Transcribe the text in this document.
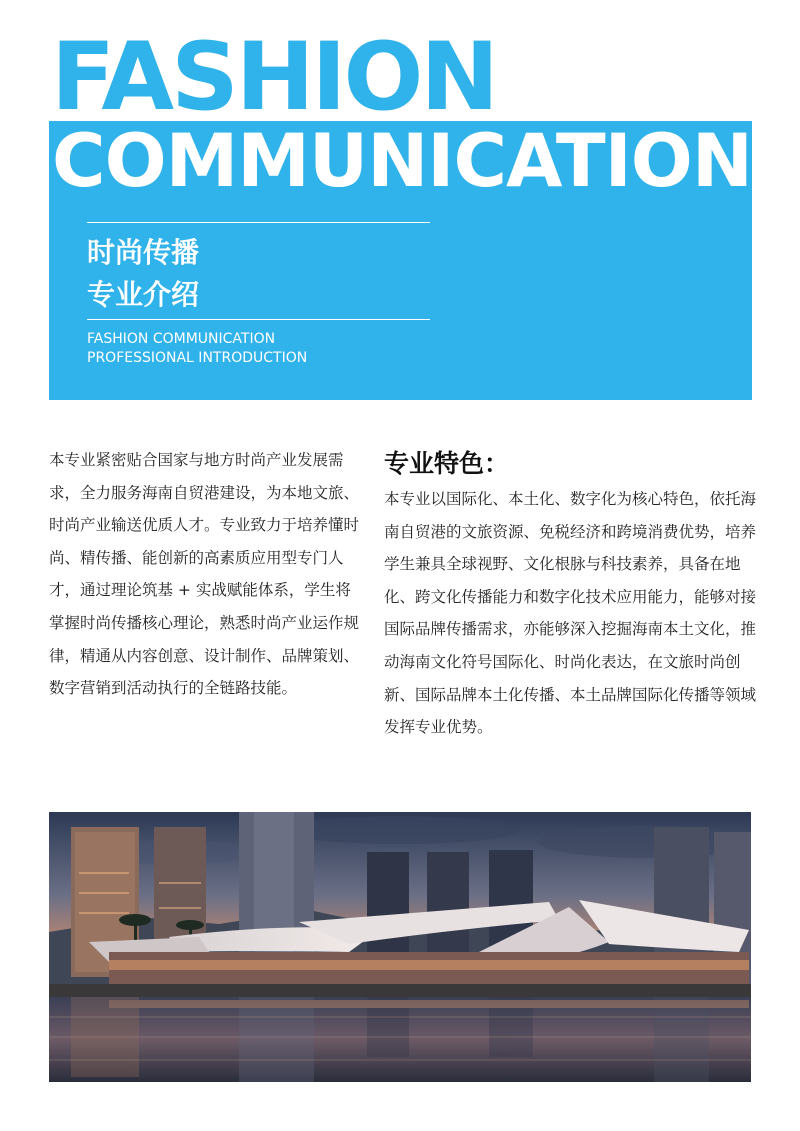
FASHION
COMMUNICATION
时尚传播
专业介绍
FASHION COMMUNICATION
PROFESSIONAL INTRODUCTION

本专业紧密贴合国家与地方时尚产业发展需求，全力服务海南自贸港建设，为本地文旅、时尚产业输送优质人才。专业致力于培养懂时尚、精传播、能创新的高素质应用型专门人才，通过理论筑基 + 实战赋能体系，学生将掌握时尚传播核心理论，熟悉时尚产业运作规律，精通从内容创意、设计制作、品牌策划、数字营销到活动执行的全链路技能。

专业特色：

本专业以国际化、本土化、数字化为核心特色，依托海南自贸港的文旅资源、免税经济和跨境消费优势，培养学生兼具全球视野、文化根脉与科技素养，具备在地化、跨文化传播能力和数字化技术应用能力，能够对接国际品牌传播需求，亦能够深入挖掘海南本土文化，推动海南文化符号国际化、时尚化表达，在文旅时尚创新、国际品牌本土化传播、本土品牌国际化传播等领域发挥专业优势。
